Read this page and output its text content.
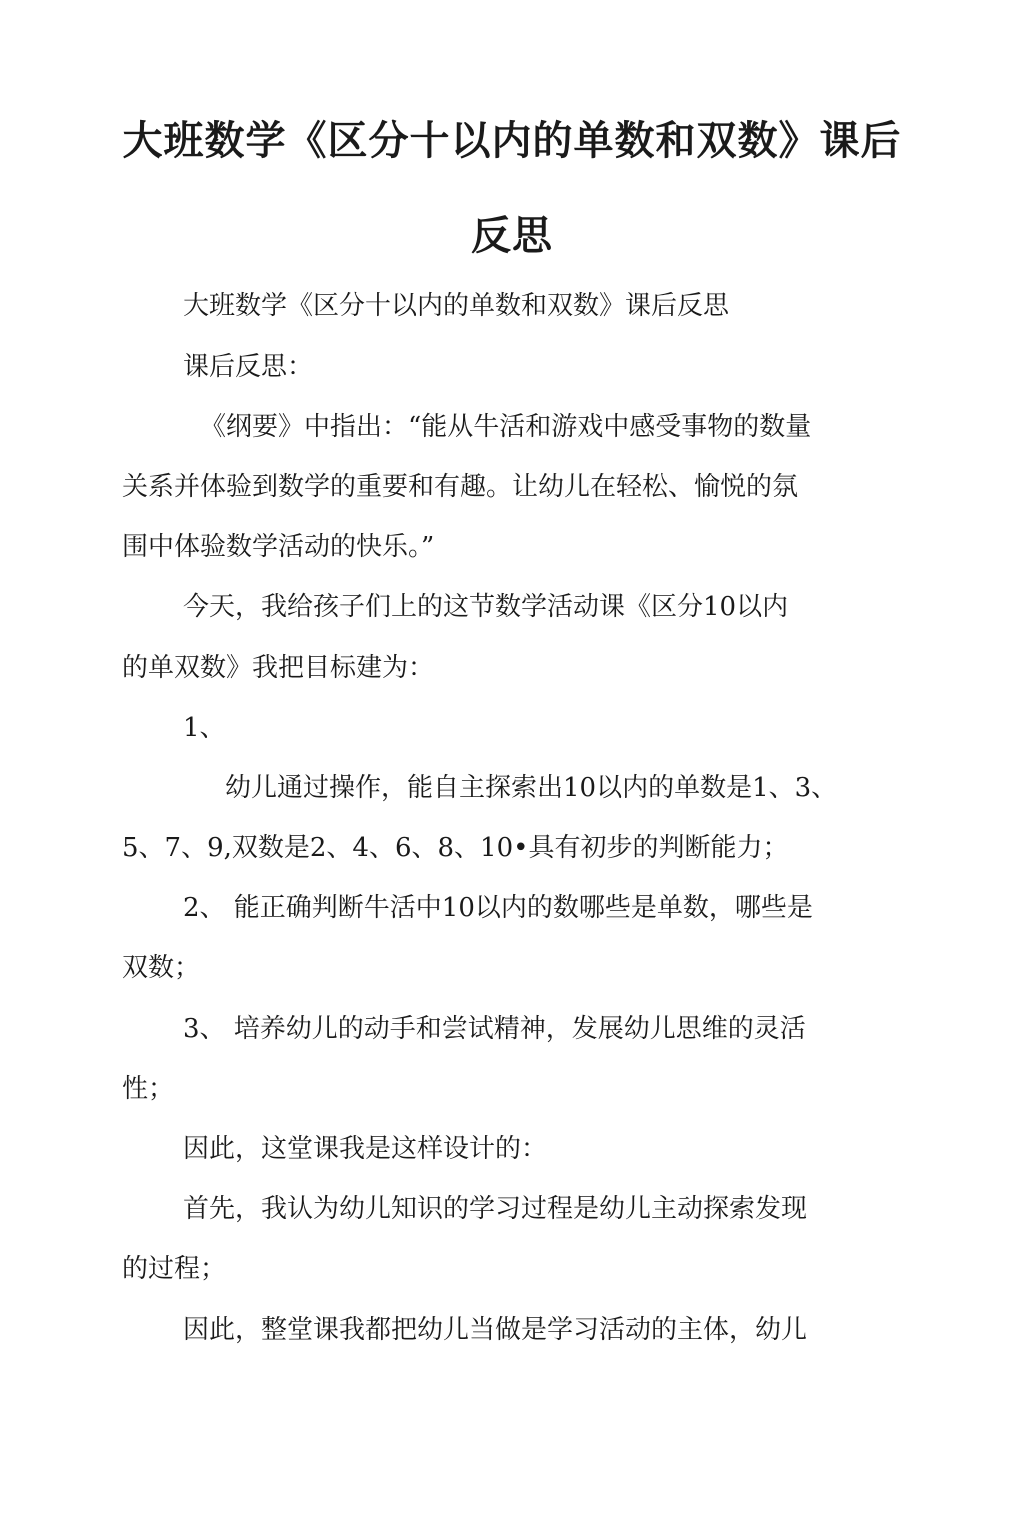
大班数学《区分十以内的单数和双数》课后
反思
大班数学《区分十以内的单数和双数》课后反思
课后反思：
《纲要》中指出：“能从牛活和游戏中感受事物的数量
关系并体验到数学的重要和有趣。让幼儿在轻松、愉悦的氛
围中体验数学活动的快乐。”
今天，我给孩子们上的这节数学活动课《区分10以内
的单双数》我把目标建为：
1、
幼儿通过操作，能自主探索出10以内的单数是1、3、
5、7、9,双数是2、4、6、8、10•具有初步的判断能力；
2、 能正确判断牛活中10以内的数哪些是单数，哪些是
双数；
3、 培养幼儿的动手和尝试精神，发展幼儿思维的灵活
性；
因此，这堂课我是这样设计的：
首先，我认为幼儿知识的学习过程是幼儿主动探索发现
的过程；
因此，整堂课我都把幼儿当做是学习活动的主体，幼儿
